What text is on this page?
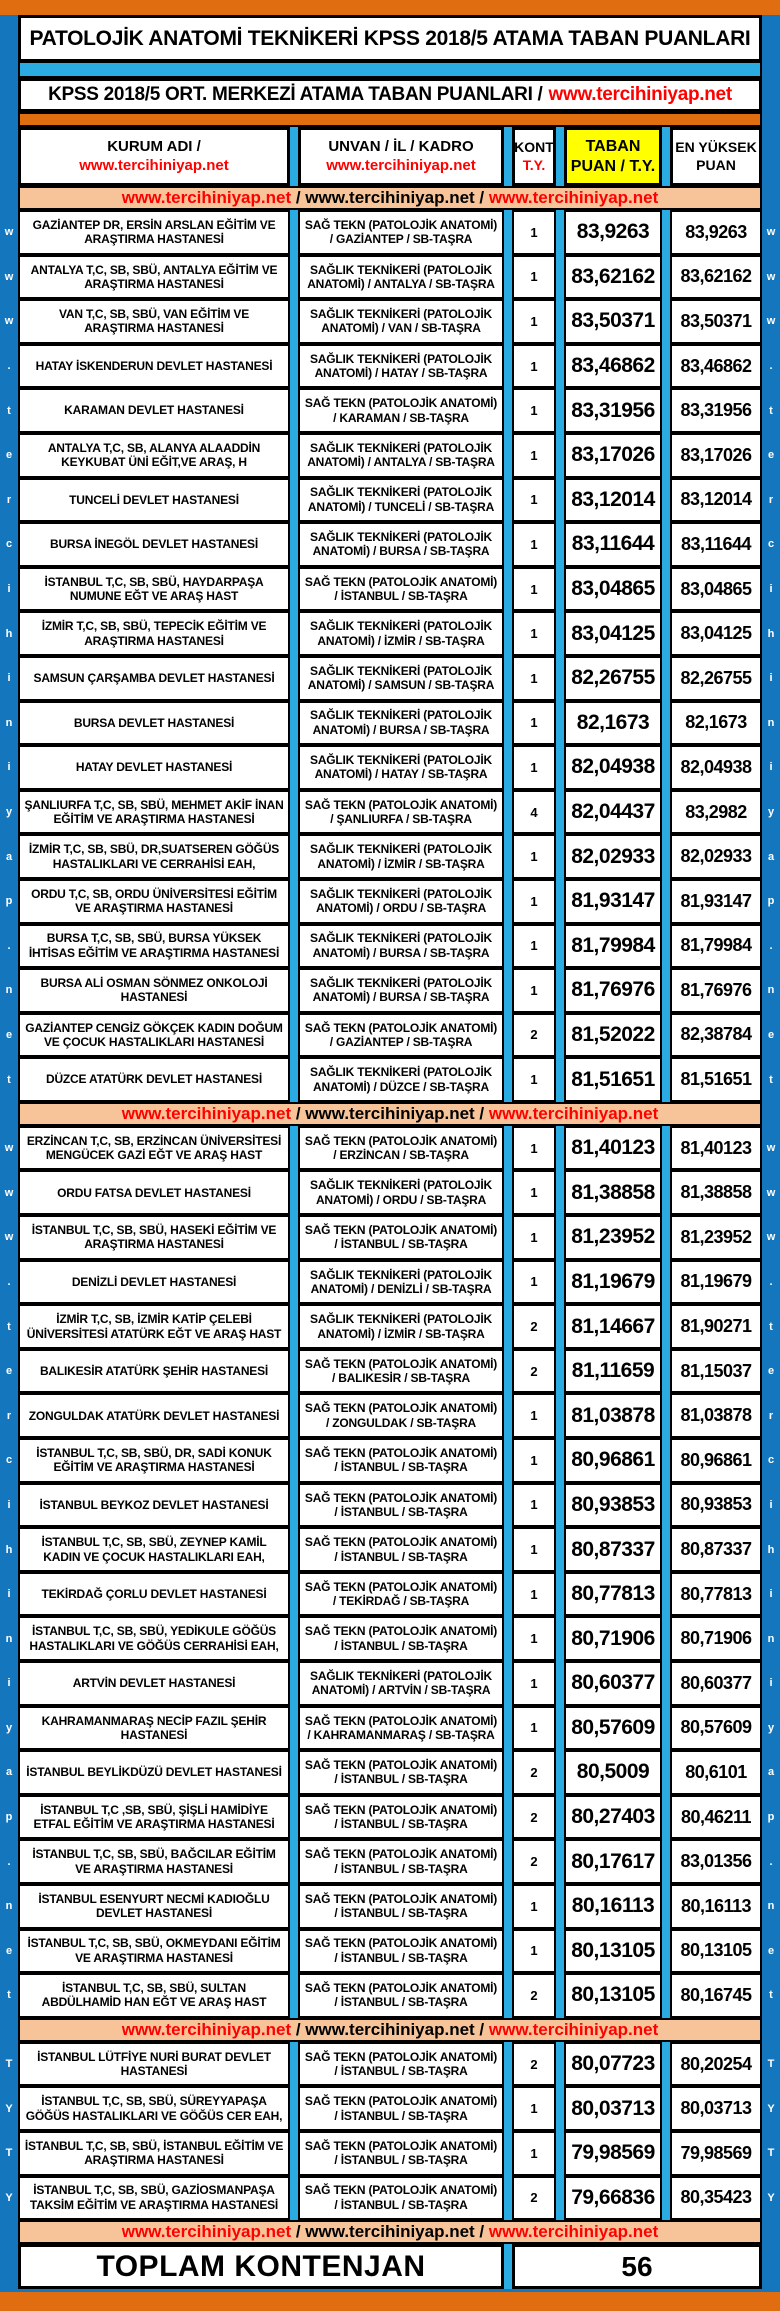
PATOLOJİK ANATOMİ TEKNİKERİ KPSS 2018/5 ATAMA TABAN PUANLARI
KPSS 2018/5 ORT. MERKEZİ ATAMA TABAN PUANLARI / www.tercihiniyap.net
KURUM ADI /
www.tercihiniyap.net
UNVAN / İL / KADRO
www.tercihiniyap.net
KONT
T.Y.
TABAN
PUAN / T.Y.
EN YÜKSEK
PUAN
www.tercihiniyap.net / www.tercihiniyap.net / www.tercihiniyap.net
w
GAZİANTEP DR, ERSİN ARSLAN EĞİTİM VE ARAŞTIRMA HASTANESİ
SAĞ TEKN (PATOLOJİK ANATOMİ) / GAZİANTEP / SB-TAŞRA	1	83,9263	83,9263	w
w
ANTALYA T,C, SB, SBÜ, ANTALYA EĞİTİM VE ARAŞTIRMA HASTANESİ
SAĞLIK TEKNİKERİ (PATOLOJİK ANATOMİ) / ANTALYA / SB-TAŞRA	1	83,62162	83,62162	w
w
VAN T,C, SB, SBÜ, VAN EĞİTİM VE ARAŞTIRMA HASTANESİ
SAĞLIK TEKNİKERİ (PATOLOJİK ANATOMİ) / VAN / SB-TAŞRA	1	83,50371	83,50371	w
.	HATAY İSKENDERUN DEVLET HASTANESİ
SAĞLIK TEKNİKERİ (PATOLOJİK ANATOMİ) / HATAY / SB-TAŞRA	1	83,46862	83,46862	.
t	KARAMAN DEVLET HASTANESİ
SAĞ TEKN (PATOLOJİK ANATOMİ) / KARAMAN / SB-TAŞRA	1	83,31956	83,31956	t
e
ANTALYA T,C, SB, ALANYA ALAADDİN KEYKUBAT ÜNİ EĞİT,VE ARAŞ, H
SAĞLIK TEKNİKERİ (PATOLOJİK ANATOMİ) / ANTALYA / SB-TAŞRA	1	83,17026	83,17026	e
r	TUNCELİ DEVLET HASTANESİ
SAĞLIK TEKNİKERİ (PATOLOJİK ANATOMİ) / TUNCELİ / SB-TAŞRA	1	83,12014	83,12014	r
c	BURSA İNEGÖL DEVLET HASTANESİ
SAĞLIK TEKNİKERİ (PATOLOJİK ANATOMİ) / BURSA / SB-TAŞRA	1	83,11644	83,11644	c
i
İSTANBUL T,C, SB, SBÜ, HAYDARPAŞA NUMUNE EĞT VE ARAŞ HAST
SAĞ TEKN (PATOLOJİK ANATOMİ) / İSTANBUL / SB-TAŞRA	1	83,04865	83,04865	i
h
İZMİR T,C, SB, SBÜ, TEPECİK EĞİTİM VE ARAŞTIRMA HASTANESİ
SAĞLIK TEKNİKERİ (PATOLOJİK ANATOMİ) / İZMİR / SB-TAŞRA	1	83,04125	83,04125	h
i	SAMSUN ÇARŞAMBA DEVLET HASTANESİ
SAĞLIK TEKNİKERİ (PATOLOJİK ANATOMİ) / SAMSUN / SB-TAŞRA	1	82,26755	82,26755	i
n	BURSA DEVLET HASTANESİ
SAĞLIK TEKNİKERİ (PATOLOJİK ANATOMİ) / BURSA / SB-TAŞRA	1	82,1673	82,1673	n
i	HATAY DEVLET HASTANESİ
SAĞLIK TEKNİKERİ (PATOLOJİK ANATOMİ) / HATAY / SB-TAŞRA	1	82,04938	82,04938	i
y
ŞANLIURFA T,C, SB, SBÜ, MEHMET AKİF İNAN EĞİTİM VE ARAŞTIRMA HASTANESİ
SAĞ TEKN (PATOLOJİK ANATOMİ) / ŞANLIURFA / SB-TAŞRA	4	82,04437	83,2982	y
a
İZMİR T,C, SB, SBÜ, DR,SUATSEREN GÖĞÜS HASTALIKLARI VE CERRAHİSİ EAH,
SAĞLIK TEKNİKERİ (PATOLOJİK ANATOMİ) / İZMİR / SB-TAŞRA	1	82,02933	82,02933	a
p
ORDU T,C, SB, ORDU ÜNİVERSİTESİ EĞİTİM VE ARAŞTIRMA HASTANESİ
SAĞLIK TEKNİKERİ (PATOLOJİK ANATOMİ) / ORDU / SB-TAŞRA	1	81,93147	81,93147	p
.
BURSA T,C, SB, SBÜ, BURSA YÜKSEK İHTİSAS EĞİTİM VE ARAŞTIRMA HASTANESİ
SAĞLIK TEKNİKERİ (PATOLOJİK ANATOMİ) / BURSA / SB-TAŞRA	1	81,79984	81,79984	.
n
BURSA ALİ OSMAN SÖNMEZ ONKOLOJİ HASTANESİ
SAĞLIK TEKNİKERİ (PATOLOJİK ANATOMİ) / BURSA / SB-TAŞRA	1	81,76976	81,76976	n
e
GAZİANTEP CENGİZ GÖKÇEK KADIN DOĞUM VE ÇOCUK HASTALIKLARI HASTANESİ
SAĞ TEKN (PATOLOJİK ANATOMİ) / GAZİANTEP / SB-TAŞRA	2	81,52022	82,38784	e
t	DÜZCE ATATÜRK DEVLET HASTANESİ
SAĞLIK TEKNİKERİ (PATOLOJİK ANATOMİ) / DÜZCE / SB-TAŞRA	1	81,51651	81,51651	t
www.tercihiniyap.net / www.tercihiniyap.net / www.tercihiniyap.net
w
ERZİNCAN T,C, SB, ERZİNCAN ÜNİVERSİTESİ MENGÜCEK GAZİ EĞT VE ARAŞ HAST
SAĞ TEKN (PATOLOJİK ANATOMİ) / ERZİNCAN / SB-TAŞRA	1	81,40123	81,40123	w
w	ORDU FATSA DEVLET HASTANESİ
SAĞLIK TEKNİKERİ (PATOLOJİK ANATOMİ) / ORDU / SB-TAŞRA	1	81,38858	81,38858	w
w
İSTANBUL T,C, SB, SBÜ, HASEKİ EĞİTİM VE ARAŞTIRMA HASTANESİ
SAĞ TEKN (PATOLOJİK ANATOMİ) / İSTANBUL / SB-TAŞRA	1	81,23952	81,23952	w
.	DENİZLİ DEVLET HASTANESİ
SAĞLIK TEKNİKERİ (PATOLOJİK ANATOMİ) / DENİZLİ / SB-TAŞRA	1	81,19679	81,19679	.
t
İZMİR T,C, SB, İZMİR KATİP ÇELEBİ ÜNİVERSİTESİ ATATÜRK EĞT VE ARAŞ HAST
SAĞLIK TEKNİKERİ (PATOLOJİK ANATOMİ) / İZMİR / SB-TAŞRA	2	81,14667	81,90271	t
e	BALIKESİR ATATÜRK ŞEHİR HASTANESİ
SAĞ TEKN (PATOLOJİK ANATOMİ) / BALIKESİR / SB-TAŞRA	2	81,11659	81,15037	e
r	ZONGULDAK ATATÜRK DEVLET HASTANESİ
SAĞ TEKN (PATOLOJİK ANATOMİ) / ZONGULDAK / SB-TAŞRA	1	81,03878	81,03878	r
c
İSTANBUL T,C, SB, SBÜ, DR, SADİ KONUK EĞİTİM VE ARAŞTIRMA HASTANESİ
SAĞ TEKN (PATOLOJİK ANATOMİ) / İSTANBUL / SB-TAŞRA	1	80,96861	80,96861	c
i	İSTANBUL BEYKOZ DEVLET HASTANESİ
SAĞ TEKN (PATOLOJİK ANATOMİ) / İSTANBUL / SB-TAŞRA	1	80,93853	80,93853	i
h
İSTANBUL T,C, SB, SBÜ, ZEYNEP KAMİL KADIN VE ÇOCUK HASTALIKLARI EAH,
SAĞ TEKN (PATOLOJİK ANATOMİ) / İSTANBUL / SB-TAŞRA	1	80,87337	80,87337	h
i	TEKİRDAĞ ÇORLU DEVLET HASTANESİ
SAĞ TEKN (PATOLOJİK ANATOMİ) / TEKİRDAĞ / SB-TAŞRA	1	80,77813	80,77813	i
n
İSTANBUL T,C, SB, SBÜ, YEDİKULE GÖĞÜS HASTALIKLARI VE GÖĞÜS CERRAHİSİ EAH,
SAĞ TEKN (PATOLOJİK ANATOMİ) / İSTANBUL / SB-TAŞRA	1	80,71906	80,71906	n
i	ARTVİN DEVLET HASTANESİ
SAĞLIK TEKNİKERİ (PATOLOJİK ANATOMİ) / ARTVİN / SB-TAŞRA	1	80,60377	80,60377	i
y
KAHRAMANMARAŞ NECİP FAZIL ŞEHİR HASTANESİ
SAĞ TEKN (PATOLOJİK ANATOMİ) / KAHRAMANMARAŞ / SB-TAŞRA	1	80,57609	80,57609	y
a	İSTANBUL BEYLİKDÜZÜ DEVLET HASTANESİ
SAĞ TEKN (PATOLOJİK ANATOMİ) / İSTANBUL / SB-TAŞRA	2	80,5009	80,6101	a
p
İSTANBUL T,C ,SB, SBÜ, ŞİŞLİ HAMİDİYE ETFAL EĞİTİM VE ARAŞTIRMA HASTANESİ
SAĞ TEKN (PATOLOJİK ANATOMİ) / İSTANBUL / SB-TAŞRA	2	80,27403	80,46211	p
.
İSTANBUL T,C, SB, SBÜ, BAĞCILAR EĞİTİM VE ARAŞTIRMA HASTANESİ
SAĞ TEKN (PATOLOJİK ANATOMİ) / İSTANBUL / SB-TAŞRA	2	80,17617	83,01356	.
n
İSTANBUL ESENYURT NECMİ KADIOĞLU DEVLET HASTANESİ
SAĞ TEKN (PATOLOJİK ANATOMİ) / İSTANBUL / SB-TAŞRA	1	80,16113	80,16113	n
e
İSTANBUL T,C, SB, SBÜ, OKMEYDANI EĞİTİM VE ARAŞTIRMA HASTANESİ
SAĞ TEKN (PATOLOJİK ANATOMİ) / İSTANBUL / SB-TAŞRA	1	80,13105	80,13105	e
t
İSTANBUL T,C, SB, SBÜ, SULTAN ABDÜLHAMİD HAN EĞT VE ARAŞ HAST
SAĞ TEKN (PATOLOJİK ANATOMİ) / İSTANBUL / SB-TAŞRA	2	80,13105	80,16745	t
www.tercihiniyap.net / www.tercihiniyap.net / www.tercihiniyap.net
T
İSTANBUL LÜTFİYE NURİ BURAT DEVLET HASTANESİ
SAĞ TEKN (PATOLOJİK ANATOMİ) / İSTANBUL / SB-TAŞRA	2	80,07723	80,20254	T
Y
İSTANBUL T,C, SB, SBÜ, SÜREYYAPAŞA GÖĞÜS HASTALIKLARI VE GÖĞÜS CER EAH,
SAĞ TEKN (PATOLOJİK ANATOMİ) / İSTANBUL / SB-TAŞRA	1	80,03713	80,03713	Y
T
İSTANBUL T,C, SB, SBÜ, İSTANBUL EĞİTİM VE ARAŞTIRMA HASTANESİ
SAĞ TEKN (PATOLOJİK ANATOMİ) / İSTANBUL / SB-TAŞRA	1	79,98569	79,98569	T
Y
İSTANBUL T,C, SB, SBÜ, GAZİOSMANPAŞA TAKSİM EĞİTİM VE ARAŞTIRMA HASTANESİ
SAĞ TEKN (PATOLOJİK ANATOMİ) / İSTANBUL / SB-TAŞRA	2	79,66836	80,35423	Y
www.tercihiniyap.net / www.tercihiniyap.net / www.tercihiniyap.net
TOPLAM KONTENJAN	56
